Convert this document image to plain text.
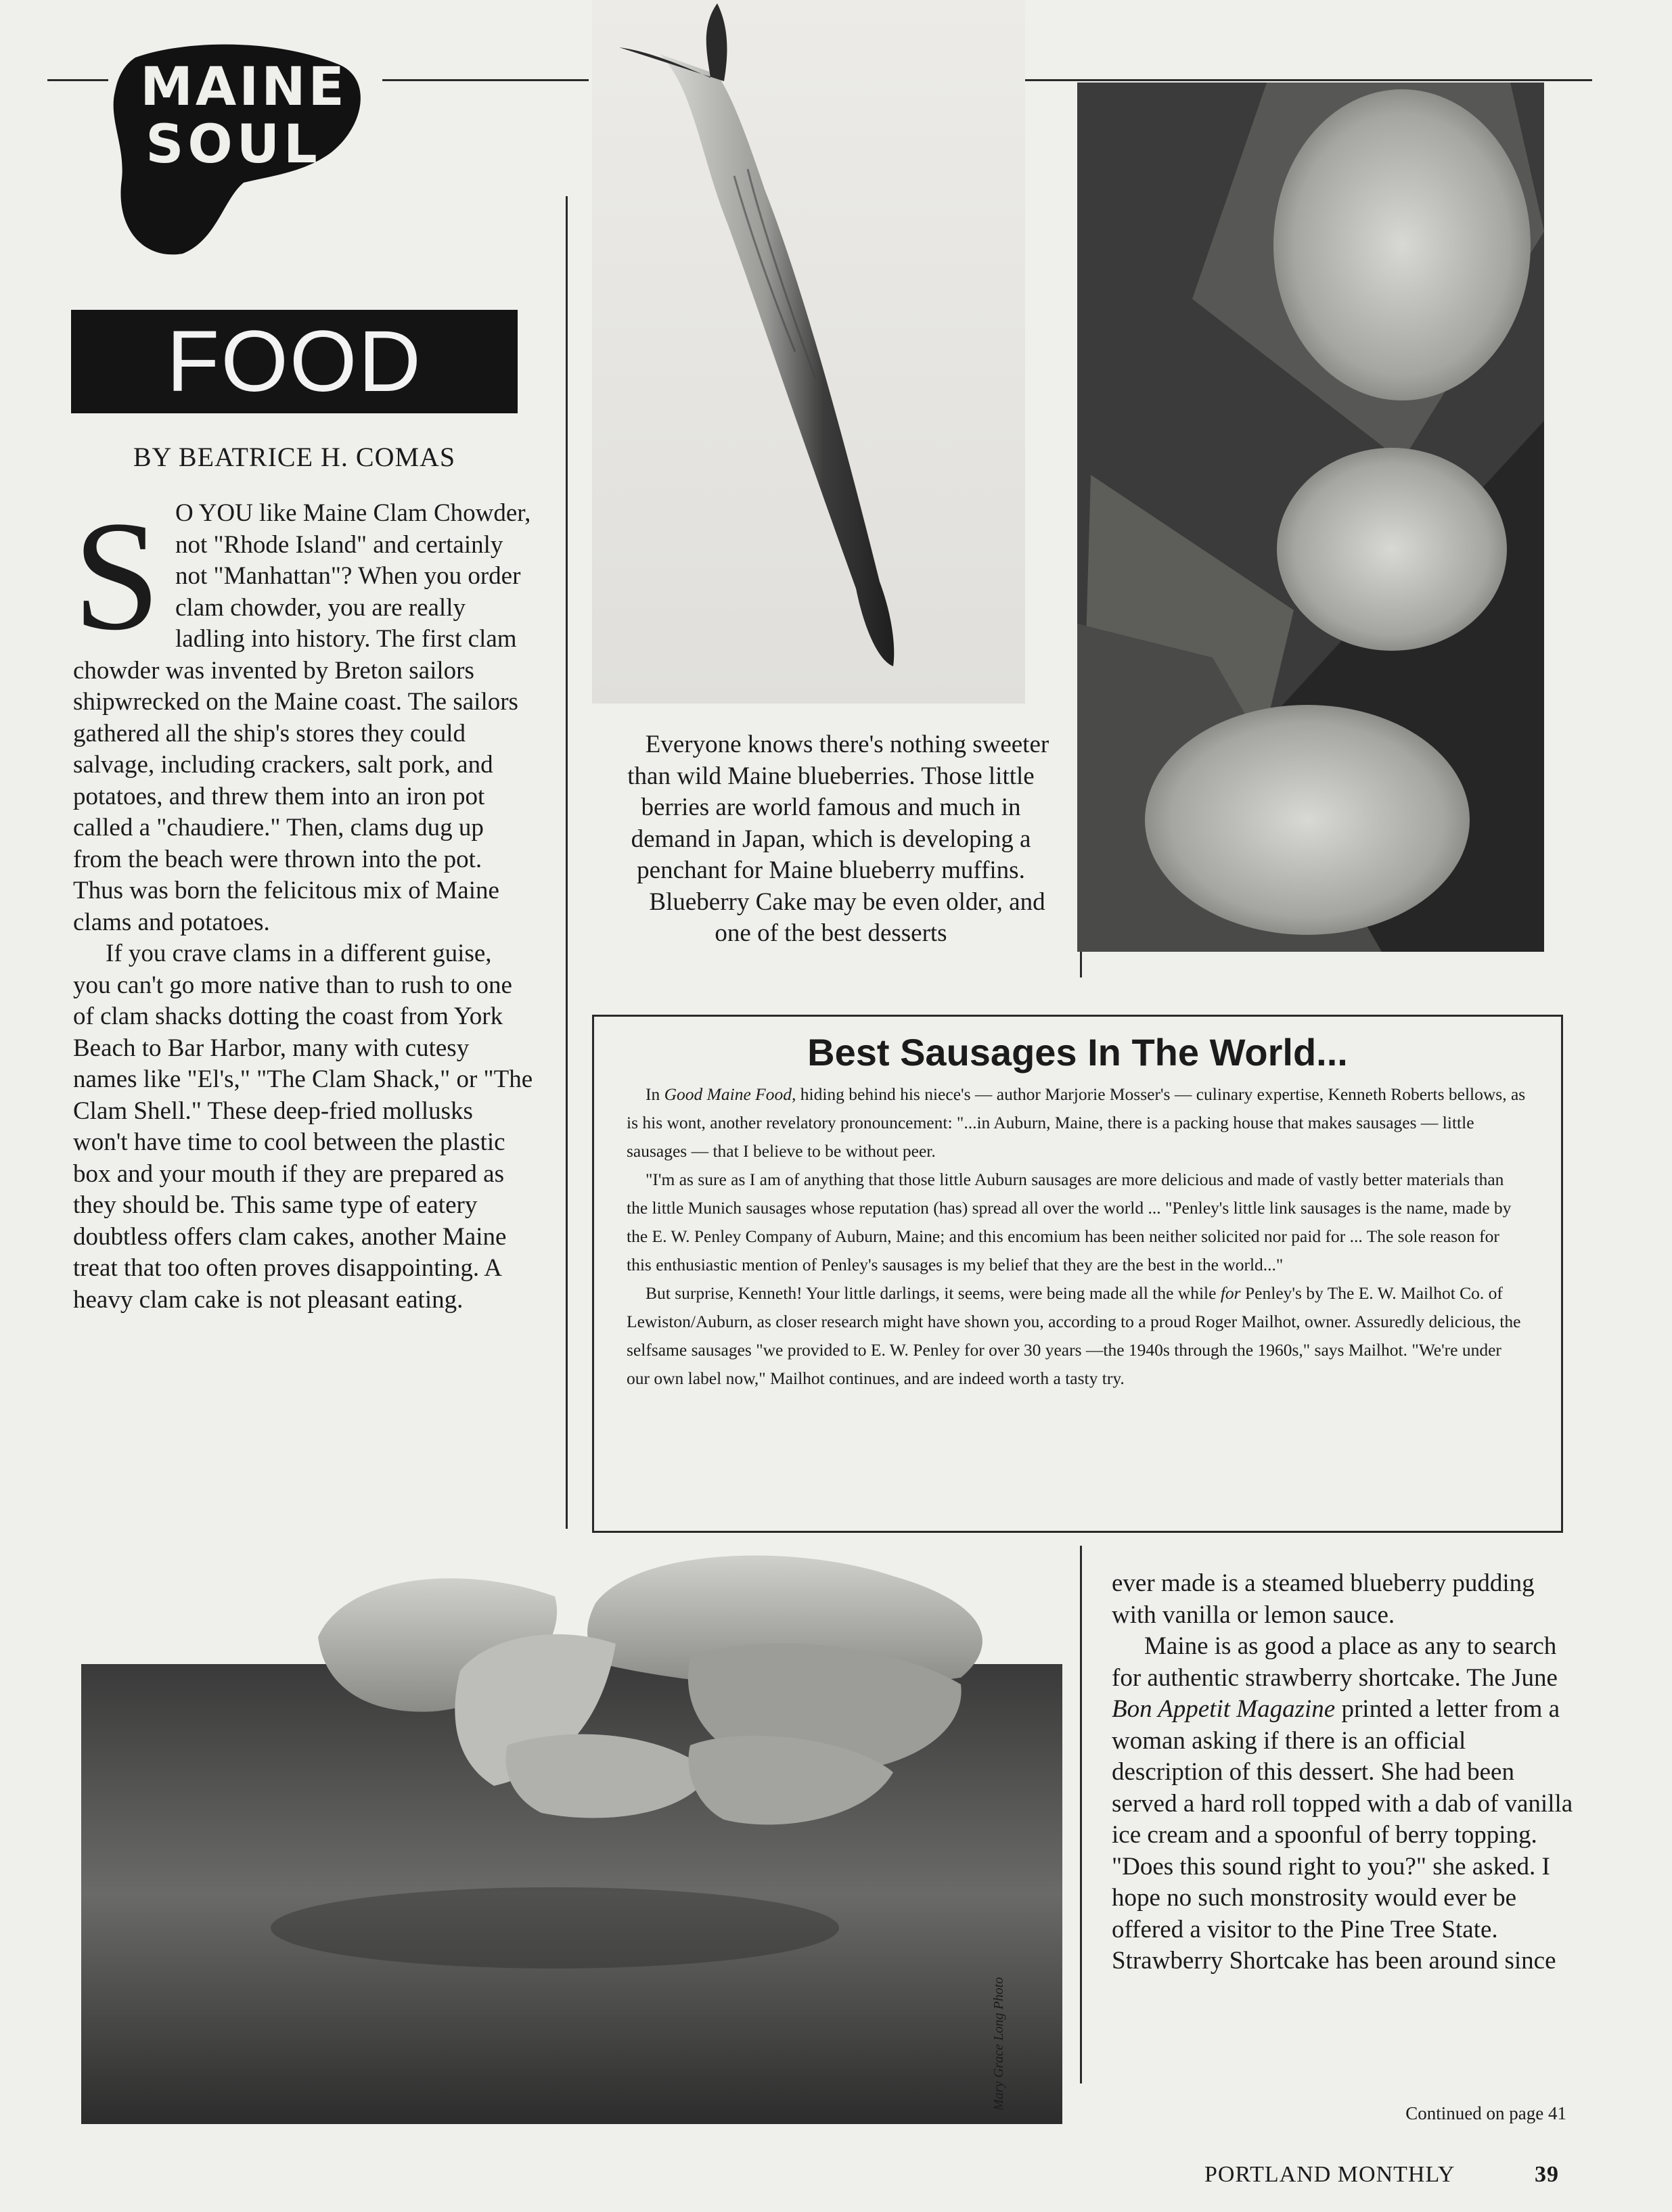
MAINE
SOUL
FOOD
BY BEATRICE H. COMAS
S O YOU like Maine Clam Chowder, not "Rhode Island" and certainly not "Manhattan"? When you order clam chowder, you are really ladling into history. The first clam chowder was invented by Breton sailors shipwrecked on the Maine coast. The sailors gathered all the ship's stores they could salvage, including crackers, salt pork, and potatoes, and threw them into an iron pot called a "chaudiere." Then, clams dug up from the beach were thrown into the pot. Thus was born the felicitous mix of Maine clams and potatoes.

If you crave clams in a different guise, you can't go more native than to rush to one of clam shacks dotting the coast from York Beach to Bar Harbor, many with cutesy names like "El's," "The Clam Shack," or "The Clam Shell." These deep-fried mollusks won't have time to cool between the plastic box and your mouth if they are prepared as they should be. This same type of eatery doubtless offers clam cakes, another Maine treat that too often proves disappointing. A heavy clam cake is not pleasant eating.

Everyone knows there's nothing sweeter than wild Maine blueberries. Those little berries are world famous and much in demand in Japan, which is developing a penchant for Maine blueberry muffins.

Blueberry Cake may be even older, and one of the best desserts

Best Sausages In The World...

In Good Maine Food, hiding behind his niece's — author Marjorie Mosser's — culinary expertise, Kenneth Roberts bellows, as is his wont, another revelatory pronouncement: "...in Auburn, Maine, there is a packing house that makes sausages — little sausages — that I believe to be without peer.

"I'm as sure as I am of anything that those little Auburn sausages are more delicious and made of vastly better materials than the little Munich sausages whose reputation (has) spread all over the world ... "Penley's little link sausages is the name, made by the E. W. Penley Company of Auburn, Maine; and this encomium has been neither solicited nor paid for ... The sole reason for this enthusiastic mention of Penley's sausages is my belief that they are the best in the world..."

But surprise, Kenneth! Your little darlings, it seems, were being made all the while for Penley's by The E. W. Mailhot Co. of Lewiston/Auburn, as closer research might have shown you, according to a proud Roger Mailhot, owner. Assuredly delicious, the selfsame sausages "we provided to E. W. Penley for over 30 years —the 1940s through the 1960s," says Mailhot. "We're under our own label now," Mailhot continues, and are indeed worth a tasty try.

Mary Grace Long Photo

ever made is a steamed blueberry pudding with vanilla or lemon sauce.

Maine is as good a place as any to search for authentic strawberry shortcake. The June Bon Appetit Magazine printed a letter from a woman asking if there is an official description of this dessert. She had been served a hard roll topped with a dab of vanilla ice cream and a spoonful of berry topping. "Does this sound right to you?" she asked. I hope no such monstrosity would ever be offered a visitor to the Pine Tree State. Strawberry Shortcake has been around since

Continued on page 41
PORTLAND MONTHLY	39
